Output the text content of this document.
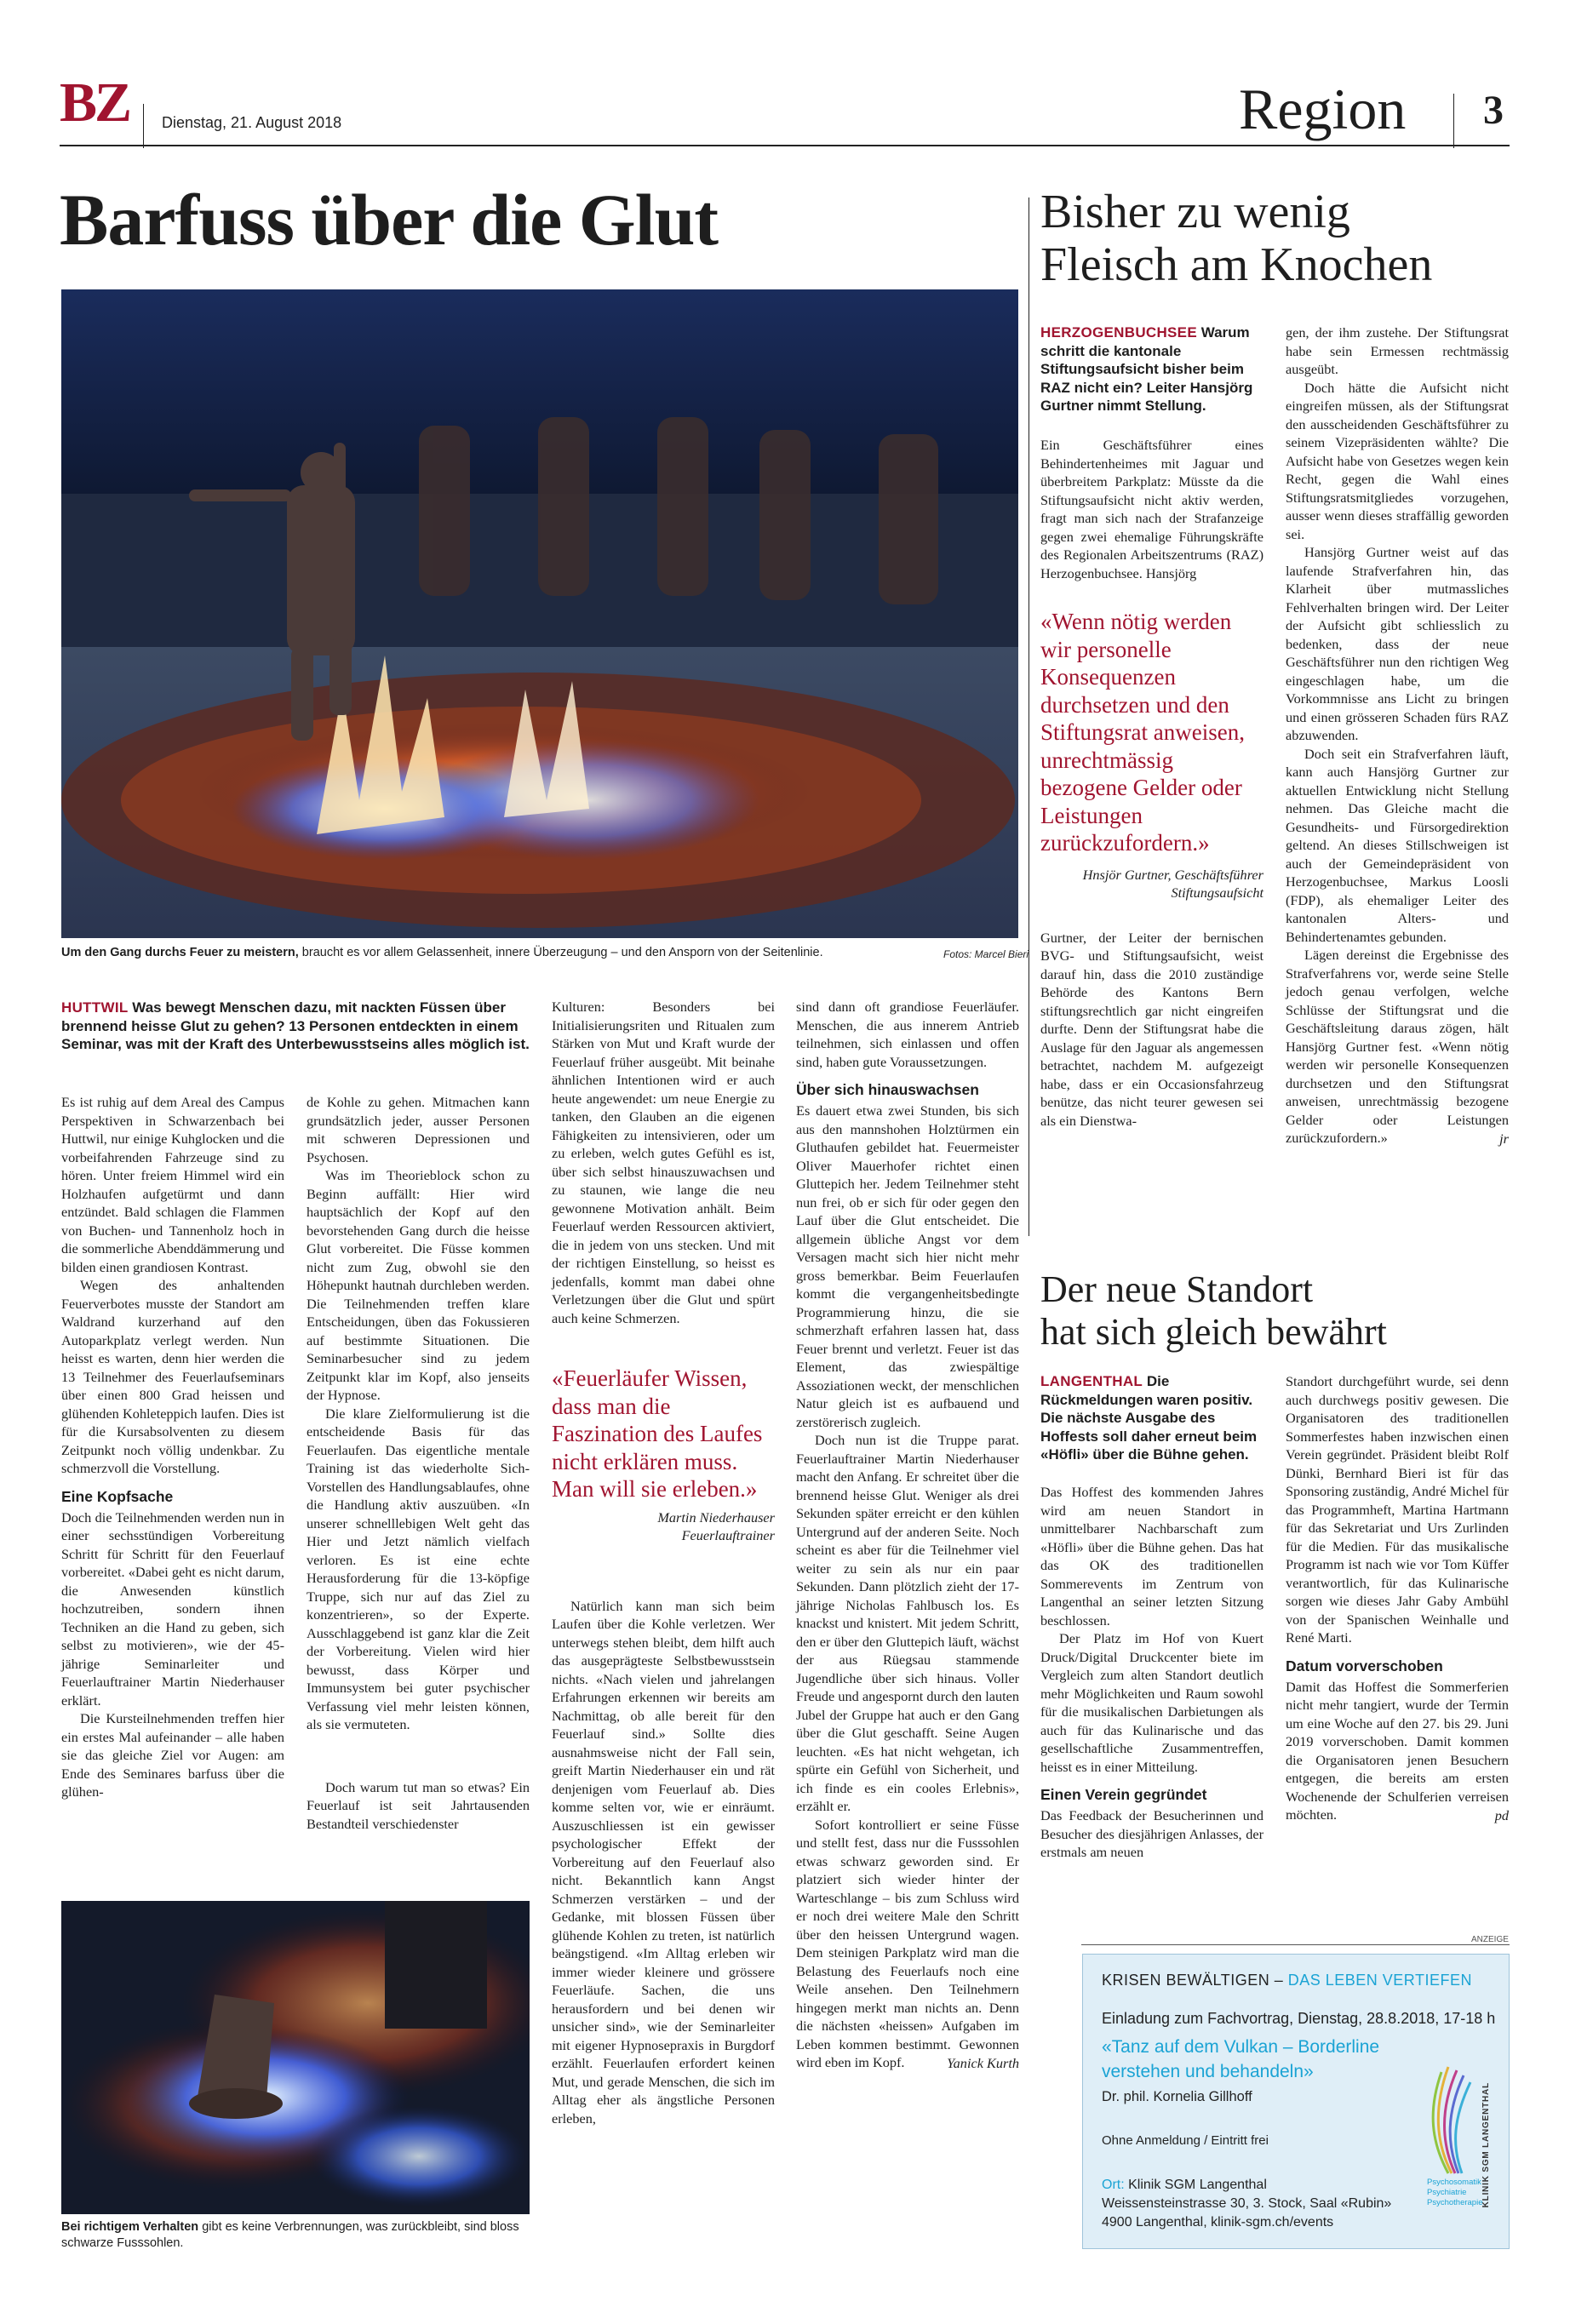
BZ Dienstag, 21. August 2018	Region 3
Barfuss über die Glut
Um den Gang durchs Feuer zu meistern, braucht es vor allem Gelassenheit, innere Überzeugung – und den Ansporn von der Seitenlinie.	Fotos: Marcel Bieri
HUTTWIL Was bewegt Menschen dazu, mit nackten Füssen über brennend heisse Glut zu gehen? 13 Personen entdeckten in einem Seminar, was mit der Kraft des Unterbewusstseins alles möglich ist.

Es ist ruhig auf dem Areal des Campus Perspektiven in Schwarzenbach bei Huttwil, nur einige Kuhglocken und die vorbeifahrenden Fahrzeuge sind zu hören. Unter freiem Himmel wird ein Holzhaufen aufgetürmt und dann entzündet. Bald schlagen die Flammen von Buchen- und Tannenholz hoch in die sommerliche Abenddämmerung und bilden einen grandiosen Kontrast.

Wegen des anhaltenden Feuerverbotes musste der Standort am Waldrand kurzerhand auf den Autoparkplatz verlegt werden. Nun heisst es warten, denn hier werden die 13 Teilnehmer des Feuerlaufseminars über einen 800 Grad heissen und glühenden Kohleteppich laufen. Dies ist für die Kursabsolventen zu diesem Zeitpunkt noch völlig undenkbar. Zu schmerzvoll die Vorstellung.

Eine Kopfsache

Doch die Teilnehmenden werden nun in einer sechsstündigen Vorbereitung Schritt für Schritt für den Feuerlauf vorbereitet. «Dabei geht es nicht darum, die Anwesenden künstlich hochzutreiben, sondern ihnen Techniken an die Hand zu geben, sich selbst zu motivieren», wie der 45-jährige Seminarleiter und Feuerlauftrainer Martin Niederhauser erklärt.

Die Kursteilnehmenden treffen hier ein erstes Mal aufeinander – alle haben sie das gleiche Ziel vor Augen: am Ende des Seminares barfuss über die glühen-

de Kohle zu gehen. Mitmachen kann grundsätzlich jeder, ausser Personen mit schweren Depressionen und Psychosen.

Was im Theorieblock schon zu Beginn auffällt: Hier wird hauptsächlich der Kopf auf den bevorstehenden Gang durch die heisse Glut vorbereitet. Die Füsse kommen nicht zum Zug, obwohl sie den Höhepunkt hautnah durchleben werden. Die Teilnehmenden treffen klare Entscheidungen, üben das Fokussieren auf bestimmte Situationen. Die Seminarbesucher sind zu jedem Zeitpunkt klar im Kopf, also jenseits der Hypnose.

Die klare Zielformulierung ist die entscheidende Basis für das Feuerlaufen. Das eigentliche mentale Training ist das wiederholte Sich-Vorstellen des Handlungsablaufes, ohne die Handlung aktiv auszuüben. «In unserer schnelllebigen Welt geht das Hier und Jetzt nämlich vielfach verloren. Es ist eine echte Herausforderung für die 13-köpfige Truppe, sich nur auf das Ziel zu konzentrieren», so der Experte. Ausschlaggebend ist ganz klar die Zeit der Vorbereitung. Vielen wird hier bewusst, dass Körper und Immunsystem bei guter psychischer Verfassung viel mehr leisten können, als sie vermuteten.

Doch warum tut man so etwas? Ein Feuerlauf ist seit Jahrtausenden Bestandteil verschiedenster

Bei richtigem Verhalten gibt es keine Verbrennungen, was zurückbleibt, sind bloss schwarze Fusssohlen.

Kulturen: Besonders bei Initialisierungsriten und Ritualen zum Stärken von Mut und Kraft wurde der Feuerlauf früher ausgeübt. Mit beinahe ähnlichen Intentionen wird er auch heute angewendet: um neue Energie zu tanken, den Glauben an die eigenen Fähigkeiten zu intensivieren, oder um zu erleben, welch gutes Gefühl es ist, über sich selbst hinauszuwachsen und zu staunen, wie lange die neu gewonnene Motivation anhält. Beim Feuerlauf werden Ressourcen aktiviert, die in jedem von uns stecken. Und mit der richtigen Einstellung, so heisst es jedenfalls, kommt man dabei ohne Verletzungen über die Glut und spürt auch keine Schmerzen.

«Feuerläufer Wissen, dass man die Faszination des Laufes nicht erklären muss. Man will sie erleben.»
Martin Niederhauser
Feuerlauftrainer

Natürlich kann man sich beim Laufen über die Kohle verletzen. Wer unterwegs stehen bleibt, dem hilft auch das ausgeprägteste Selbstbewusstsein nichts. «Nach vielen und jahrelangen Erfahrungen erkennen wir bereits am Nachmittag, ob alle bereit für den Feuerlauf sind.» Sollte dies ausnahmsweise nicht der Fall sein, greift Martin Niederhauser ein und rät denjenigen vom Feuerlauf ab. Dies komme selten vor, wie er einräumt. Auszuschliessen ist ein gewisser psychologischer Effekt der Vorbereitung auf den Feuerlauf also nicht. Bekanntlich kann Angst Schmerzen verstärken – und der Gedanke, mit blossen Füssen über glühende Kohlen zu treten, ist natürlich beängstigend. «Im Alltag erleben wir immer wieder kleinere und grössere Feuerläufe. Sachen, die uns herausfordern und bei denen wir unsicher sind», wie der Seminarleiter mit eigener Hypnosepraxis in Burgdorf erzählt. Feuerlaufen erfordert keinen Mut, und gerade Menschen, die sich im Alltag eher als ängstliche Personen erleben,

sind dann oft grandiose Feuerläufer. Menschen, die aus innerem Antrieb teilnehmen, sich einlassen und offen sind, haben gute Voraussetzungen.

Über sich hinauswachsen

Es dauert etwa zwei Stunden, bis sich aus den mannshohen Holztürmen ein Gluthaufen gebildet hat. Feuermeister Oliver Mauerhofer richtet einen Gluttepich her. Jedem Teilnehmer steht nun frei, ob er sich für oder gegen den Lauf über die Glut entscheidet. Die allgemein übliche Angst vor dem Versagen macht sich hier nicht mehr gross bemerkbar. Beim Feuerlaufen kommt die vergangenheitsbedingte Programmierung hinzu, die sie schmerzhaft erfahren lassen hat, dass Feuer brennt und verletzt. Feuer ist das Element, das zwiespältige Assoziationen weckt, der menschlichen Natur gleich ist es aufbauend und zerstörerisch zugleich.

Doch nun ist die Truppe parat. Feuerlauftrainer Martin Niederhauser macht den Anfang. Er schreitet über die brennend heisse Glut. Weniger als drei Sekunden später erreicht er den kühlen Untergrund auf der anderen Seite. Noch scheint es aber für die Teilnehmer viel weiter zu sein als nur ein paar Sekunden. Dann plötzlich zieht der 17-jährige Nicholas Fahlbusch los. Es knackst und knistert. Mit jedem Schritt, den er über den Gluttepich läuft, wächst der aus Rüegsau stammende Jugendliche über sich hinaus. Voller Freude und angespornt durch den lauten Jubel der Gruppe hat auch er den Gang über die Glut geschafft. Seine Augen leuchten. «Es hat nicht wehgetan, ich spürte ein Gefühl von Sicherheit, und ich finde es ein cooles Erlebnis», erzählt er.

Sofort kontrolliert er seine Füsse und stellt fest, dass nur die Fusssohlen etwas schwarz geworden sind. Er platziert sich wieder hinter der Warteschlange – bis zum Schluss wird er noch drei weitere Male den Schritt über den heissen Untergrund wagen. Dem steinigen Parkplatz wird man die Belastung des Feuerlaufs noch eine Weile ansehen. Den Teilnehmern hingegen merkt man nichts an. Denn die nächsten «heissen» Aufgaben im Leben kommen bestimmt. Gewonnen wird eben im Kopf.	Yanick Kurth
Bisher zu wenig
Fleisch am Knochen
HERZOGENBUCHSEE Warum schritt die kantonale Stiftungsaufsicht bisher beim RAZ nicht ein? Leiter Hansjörg Gurtner nimmt Stellung.

Ein Geschäftsführer eines Behindertenheimes mit Jaguar und überbreitem Parkplatz: Müsste da die Stiftungsaufsicht nicht aktiv werden, fragt man sich nach der Strafanzeige gegen zwei ehemalige Führungskräfte des Regionalen Arbeitszentrums (RAZ) Herzogenbuchsee. Hansjörg

«Wenn nötig werden wir personelle Konsequenzen durchsetzen und den Stiftungsrat anweisen, unrechtmässig bezogene Gelder oder Leistungen zurückzufordern.»
Hnsjör Gurtner, Geschäftsführer
Stiftungsaufsicht

Gurtner, der Leiter der bernischen BVG- und Stiftungsaufsicht, weist darauf hin, dass die 2010 zuständige Behörde des Kantons Bern stiftungsrechtlich gar nicht eingreifen durfte. Denn der Stiftungsrat habe die Auslage für den Jaguar als angemessen betrachtet, nachdem M. aufgezeigt habe, dass er ein Occasionsfahrzeug benütze, das nicht teurer gewesen sei als ein Dienstwa-

gen, der ihm zustehe. Der Stiftungsrat habe sein Ermessen rechtmässig ausgeübt.

Doch hätte die Aufsicht nicht eingreifen müssen, als der Stiftungsrat den ausscheidenden Geschäftsführer zu seinem Vizepräsidenten wählte? Die Aufsicht habe von Gesetzes wegen kein Recht, gegen die Wahl eines Stiftungsratsmitgliedes vorzugehen, ausser wenn dieses straffällig geworden sei.

Hansjörg Gurtner weist auf das laufende Strafverfahren hin, das Klarheit über mutmassliches Fehlverhalten bringen wird. Der Leiter der Aufsicht gibt schliesslich zu bedenken, dass der neue Geschäftsführer nun den richtigen Weg eingeschlagen habe, um die Vorkommnisse ans Licht zu bringen und einen grösseren Schaden fürs RAZ abzuwenden.

Doch seit ein Strafverfahren läuft, kann auch Hansjörg Gurtner zur aktuellen Entwicklung nicht Stellung nehmen. Das Gleiche macht die Gesundheits- und Fürsorgedirektion geltend. An dieses Stillschweigen ist auch der Gemeindepräsident von Herzogenbuchsee, Markus Loosli (FDP), als ehemaliger Leiter des kantonalen Alters- und Behindertenamtes gebunden.

Lägen dereinst die Ergebnisse des Strafverfahrens vor, werde seine Stelle jedoch genau verfolgen, welche Schlüsse der Stiftungsrat und die Geschäftsleitung daraus zögen, hält Hansjörg Gurtner fest. «Wenn nötig werden wir personelle Konsequenzen durchsetzen und den Stiftungsrat anweisen, unrechtmässig bezogene Gelder oder Leistungen zurückzufordern.»	jr
Der neue Standort
hat sich gleich bewährt
LANGENTHAL Die Rückmeldungen waren positiv. Die nächste Ausgabe des Hoffests soll daher erneut beim «Höfli» über die Bühne gehen.

Das Hoffest des kommenden Jahres wird am neuen Standort in unmittelbarer Nachbarschaft zum «Höfli» über die Bühne gehen. Das hat das OK des traditionellen Sommerevents im Zentrum von Langenthal an seiner letzten Sitzung beschlossen.

Der Platz im Hof von Kuert Druck/Digital Druckcenter biete im Vergleich zum alten Standort deutlich mehr Möglichkeiten und Raum sowohl für die musikalischen Darbietungen als auch für das Kulinarische und das gesellschaftliche Zusammentreffen, heisst es in einer Mitteilung.

Einen Verein gegründet

Das Feedback der Besucherinnen und Besucher des diesjährigen Anlasses, der erstmals am neuen

Standort durchgeführt wurde, sei denn auch durchwegs positiv gewesen. Die Organisatoren des traditionellen Sommerfestes haben inzwischen einen Verein gegründet. Präsident bleibt Rolf Dünki, Bernhard Bieri ist für das Sponsoring zuständig, André Michel für das Programmheft, Martina Hartmann für das Sekretariat und Urs Zurlinden für die Medien. Für das musikalische Programm ist nach wie vor Tom Küffer verantwortlich, für das Kulinarische sorgen wie dieses Jahr Gaby Ambühl von der Spanischen Weinhalle und René Marti.

Datum vorverschoben

Damit das Hoffest die Sommerferien nicht mehr tangiert, wurde der Termin um eine Woche auf den 27. bis 29. Juni 2019 vorverschoben. Damit kommen die Organisatoren jenen Besuchern entgegen, die bereits am ersten Wochenende der Schulferien verreisen möchten.	pd
ANZEIGE
KRISEN BEWÄLTIGEN – DAS LEBEN VERTIEFEN
Einladung zum Fachvortrag, Dienstag, 28.8.2018, 17-18 h
«Tanz auf dem Vulkan – Borderline
verstehen und behandeln»
Dr. phil. Kornelia Gillhoff
Ohne Anmeldung / Eintritt frei
Ort: Klinik SGM Langenthal
Weissensteinstrasse 30, 3. Stock, Saal «Rubin»
4900 Langenthal, klinik-sgm.ch/events
KLINIK SGM LANGENTHAL
Psychosomatik
Psychiatrie
Psychotherapie
